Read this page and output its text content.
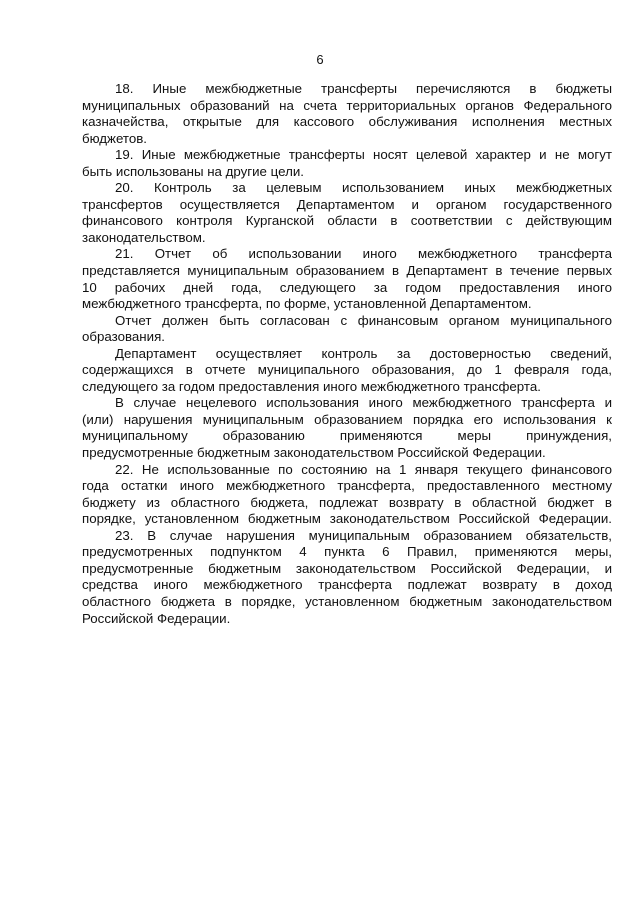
6
18. Иные межбюджетные трансферты перечисляются в бюджеты
муниципальных образований на счета территориальных органов Федерального
казначейства, открытые для кассового обслуживания исполнения местных
бюджетов.
19. Иные межбюджетные трансферты носят целевой характер и не могут
быть использованы на другие цели.
20. Контроль за целевым использованием иных межбюджетных
трансфертов осуществляется Департаментом и органом государственного
финансового контроля Курганской области в соответствии с действующим
законодательством.
21. Отчет об использовании иного межбюджетного трансферта
представляется муниципальным образованием в Департамент в течение первых
10 рабочих дней года, следующего за годом предоставления иного
межбюджетного трансферта, по форме, установленной Департаментом.
Отчет должен быть согласован с финансовым органом муниципального
образования.
Департамент осуществляет контроль за достоверностью сведений,
содержащихся в отчете муниципального образования, до 1 февраля года,
следующего за годом предоставления иного межбюджетного трансферта.
В случае нецелевого использования иного межбюджетного трансферта и
(или) нарушения муниципальным образованием порядка его использования к
муниципальному образованию применяются меры принуждения,
предусмотренные бюджетным законодательством Российской Федерации.
22. Не использованные по состоянию на 1 января текущего финансового
года остатки иного межбюджетного трансферта, предоставленного местному
бюджету из областного бюджета, подлежат возврату в областной бюджет в
порядке, установленном бюджетным законодательством Российской Федерации.
23. В случае нарушения муниципальным образованием обязательств,
предусмотренных подпунктом 4 пункта 6 Правил, применяются меры,
предусмотренные бюджетным законодательством Российской Федерации, и
средства иного межбюджетного трансферта подлежат возврату в доход
областного бюджета в порядке, установленном бюджетным законодательством
Российской Федерации.
